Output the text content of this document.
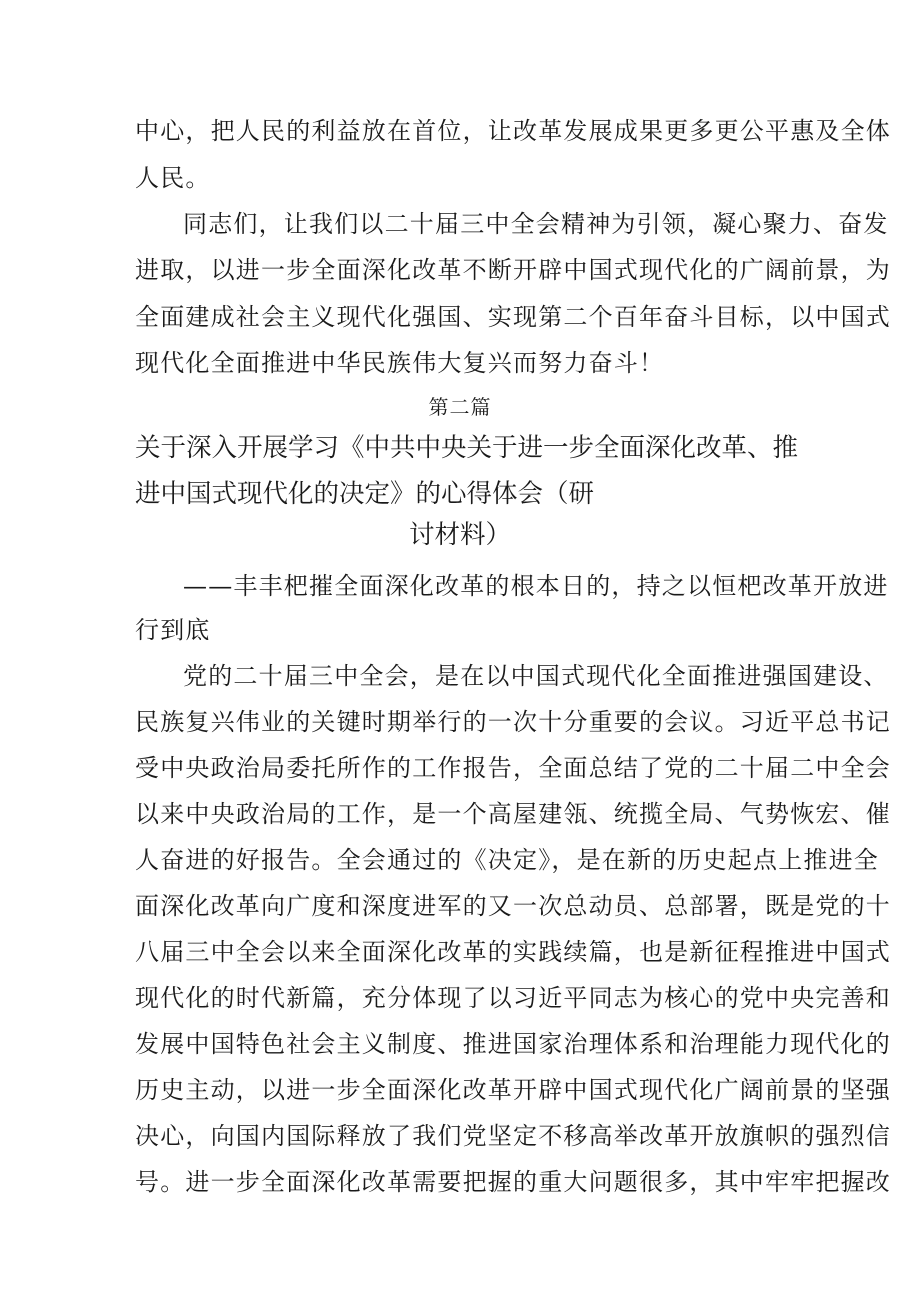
中心，把人民的利益放在首位，让改革发展成果更多更公平惠及全体
人民。
同志们，让我们以二十届三中全会精神为引领，凝心聚力、奋发
进取，以进一步全面深化改革不断开辟中国式现代化的广阔前景，为
全面建成社会主义现代化强国、实现第二个百年奋斗目标，以中国式
现代化全面推进中华民族伟大复兴而努力奋斗！
第二篇
关于深入开展学习《中共中央关于进一步全面深化改革、推
进中国式现代化的决定》的心得体会（研
讨材料）
——丰丰杷摧全面深化改革的根本日的，持之以恒杷改革开放进
行到底
党的二十届三中全会，是在以中国式现代化全面推进强国建设、
民族复兴伟业的关键时期举行的一次十分重要的会议。习近平总书记
受中央政治局委托所作的工作报告，全面总结了党的二十届二中全会
以来中央政治局的工作，是一个高屋建瓴、统揽全局、气势恢宏、催
人奋进的好报告。全会通过的《决定》，是在新的历史起点上推进全
面深化改革向广度和深度进军的又一次总动员、总部署，既是党的十
八届三中全会以来全面深化改革的实践续篇，也是新征程推进中国式
现代化的时代新篇，充分体现了以习近平同志为核心的党中央完善和
发展中国特色社会主义制度、推进国家治理体系和治理能力现代化的
历史主动，以进一步全面深化改革开辟中国式现代化广阔前景的坚强
决心，向国内国际释放了我们党坚定不移高举改革开放旗帜的强烈信
号。进一步全面深化改革需要把握的重大问题很多，其中牢牢把握改
